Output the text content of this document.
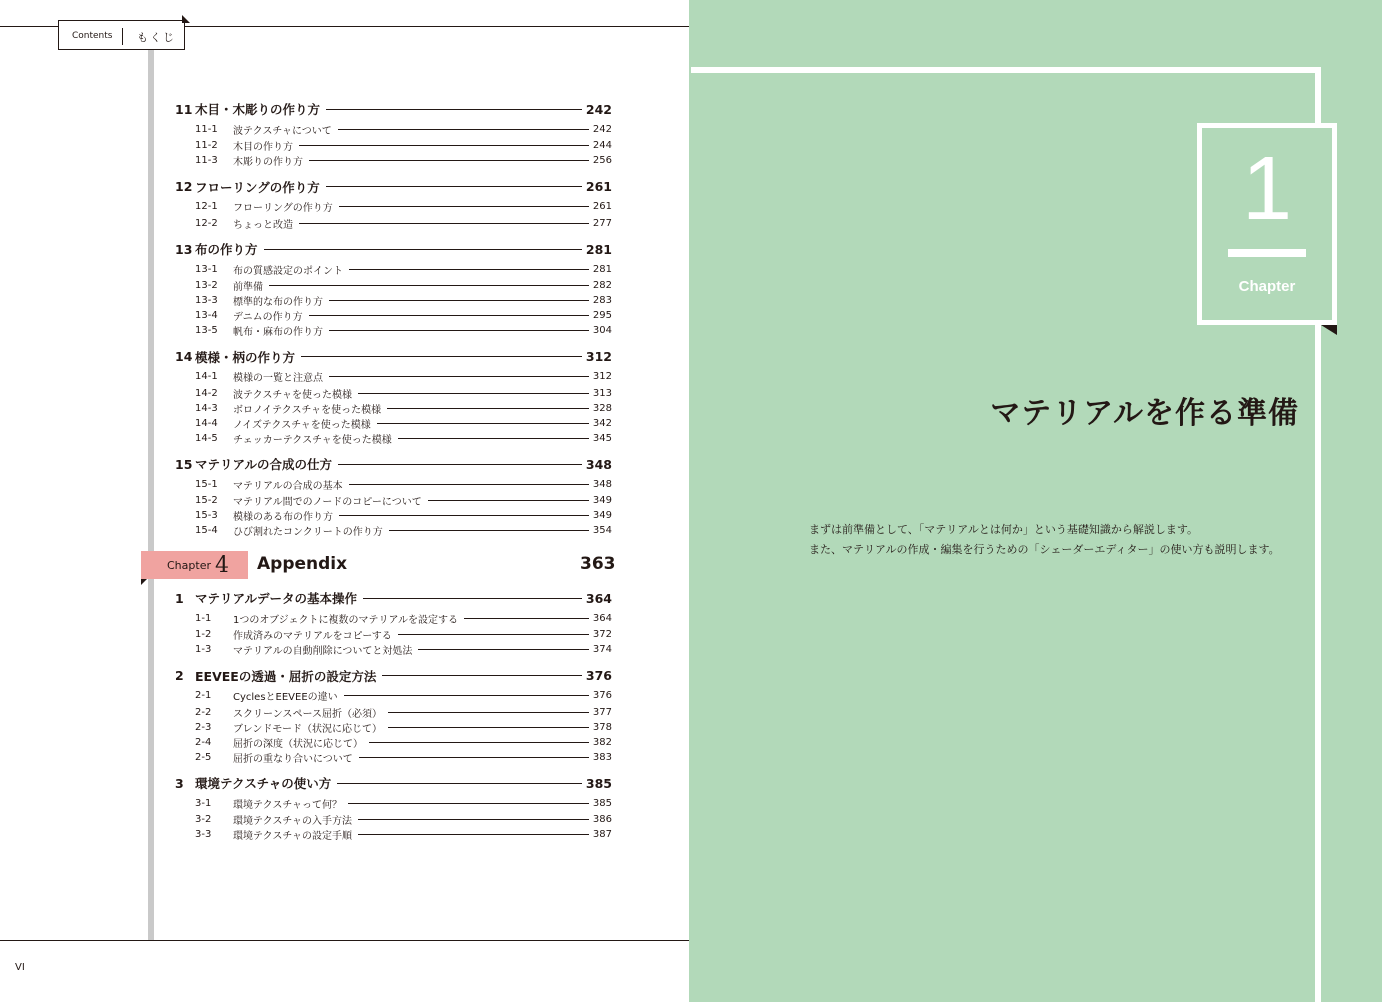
Contents もくじ
11 木目・木彫りの作り方	242
11-1	波テクスチャについて	242
11-2	木目の作り方	244
11-3	木彫りの作り方	256
12 フローリングの作り方	261
12-1	フローリングの作り方	261
12-2	ちょっと改造	277
13 布の作り方	281
13-1	布の質感設定のポイント	281
13-2	前準備	282
13-3	標準的な布の作り方	283
13-4	デニムの作り方	295
13-5	帆布・麻布の作り方	304
14 模様・柄の作り方	312
14-1	模様の一覧と注意点	312
14-2	波テクスチャを使った模様	313
14-3	ボロノイテクスチャを使った模様	328
14-4	ノイズテクスチャを使った模様	342
14-5	チェッカーテクスチャを使った模様	345
15 マテリアルの合成の仕方	348
15-1	マテリアルの合成の基本	348
15-2	マテリアル間でのノードのコピーについて	349
15-3	模様のある布の作り方	349
15-4	ひび割れたコンクリートの作り方	354
Chapter 4 Appendix	363
1 マテリアルデータの基本操作	364
1-1	1つのオブジェクトに複数のマテリアルを設定する	364
1-2	作成済みのマテリアルをコピーする	372
1-3	マテリアルの自動削除についてと対処法	374
2 EEVEEの透過・屈折の設定方法	376
2-1	CyclesとEEVEEの違い	376
2-2	スクリーンスペース屈折（必須）	377
2-3	ブレンドモード（状況に応じて）	378
2-4	屈折の深度（状況に応じて）	382
2-5	屈折の重なり合いについて	383
3 環境テクスチャの使い方	385
3-1	環境テクスチャって何？	385
3-2	環境テクスチャの入手方法	386
3-3	環境テクスチャの設定手順	387
VI
1
Chapter
マテリアルを作る準備
まずは前準備として、「マテリアルとは何か」という基礎知識から解説します。
また、マテリアルの作成・編集を行うための「シェーダーエディター」の使い方も説明します。
